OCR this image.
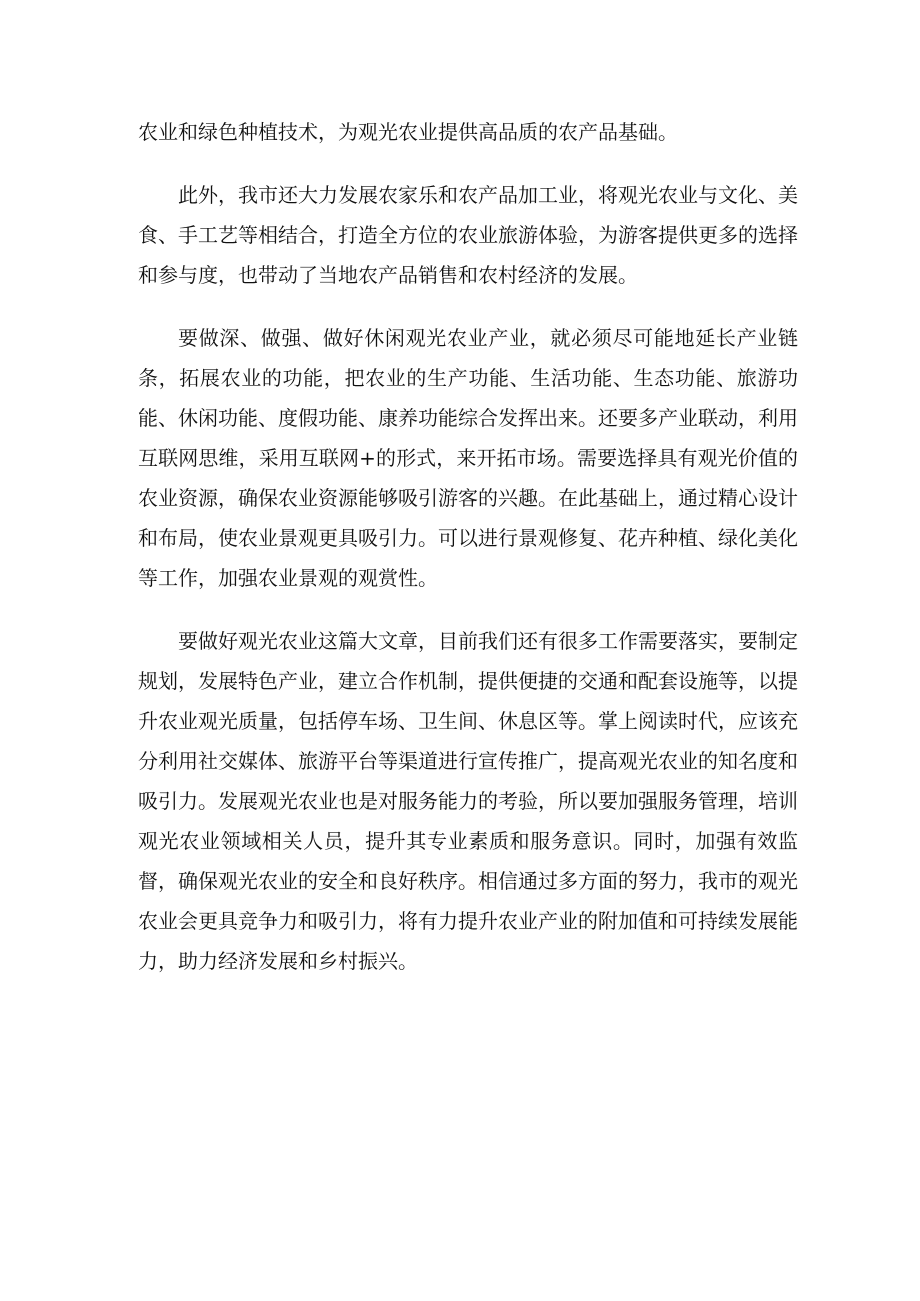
农业和绿色种植技术，为观光农业提供高品质的农产品基础。

此外，我市还大力发展农家乐和农产品加工业，将观光农业与文化、美食、手工艺等相结合，打造全方位的农业旅游体验，为游客提供更多的选择和参与度，也带动了当地农产品销售和农村经济的发展。

要做深、做强、做好休闲观光农业产业，就必须尽可能地延长产业链条，拓展农业的功能，把农业的生产功能、生活功能、生态功能、旅游功能、休闲功能、度假功能、康养功能综合发挥出来。还要多产业联动，利用互联网思维，采用互联网+的形式，来开拓市场。需要选择具有观光价值的农业资源，确保农业资源能够吸引游客的兴趣。在此基础上，通过精心设计和布局，使农业景观更具吸引力。可以进行景观修复、花卉种植、绿化美化等工作，加强农业景观的观赏性。

要做好观光农业这篇大文章，目前我们还有很多工作需要落实，要制定规划，发展特色产业，建立合作机制，提供便捷的交通和配套设施等，以提升农业观光质量，包括停车场、卫生间、休息区等。掌上阅读时代，应该充分利用社交媒体、旅游平台等渠道进行宣传推广，提高观光农业的知名度和吸引力。发展观光农业也是对服务能力的考验，所以要加强服务管理，培训观光农业领域相关人员，提升其专业素质和服务意识。同时，加强有效监督，确保观光农业的安全和良好秩序。相信通过多方面的努力，我市的观光农业会更具竞争力和吸引力，将有力提升农业产业的附加值和可持续发展能力，助力经济发展和乡村振兴。
